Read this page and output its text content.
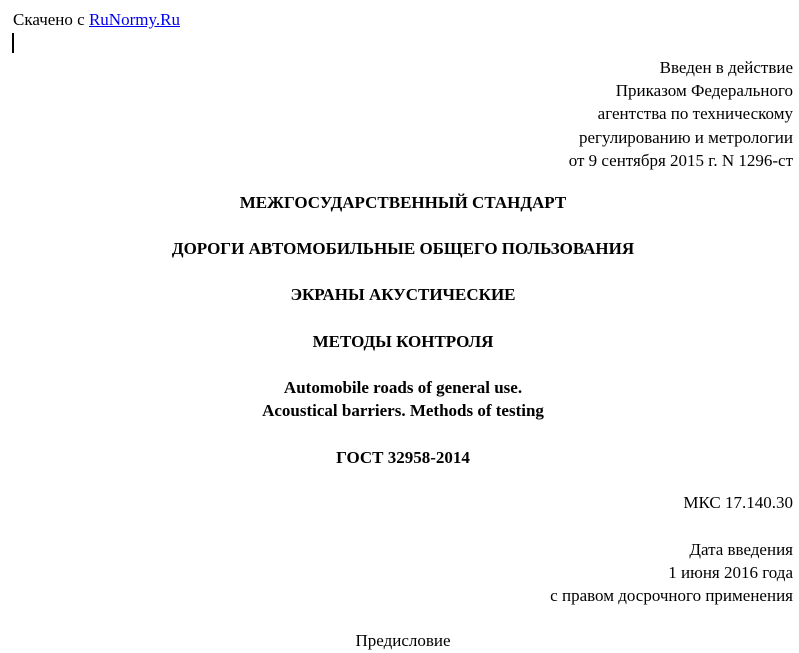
Скачено с RuNormy.Ru
Введен в действие
Приказом Федерального
агентства по техническому
регулированию и метрологии
от 9 сентября 2015 г. N 1296-ст
МЕЖГОСУДАРСТВЕННЫЙ СТАНДАРТ
ДОРОГИ АВТОМОБИЛЬНЫЕ ОБЩЕГО ПОЛЬЗОВАНИЯ
ЭКРАНЫ АКУСТИЧЕСКИЕ
МЕТОДЫ КОНТРОЛЯ
Automobile roads of general use.
Acoustical barriers. Methods of testing
ГОСТ 32958-2014
МКС 17.140.30
Дата введения
1 июня 2016 года
с правом досрочного применения
Предисловие
